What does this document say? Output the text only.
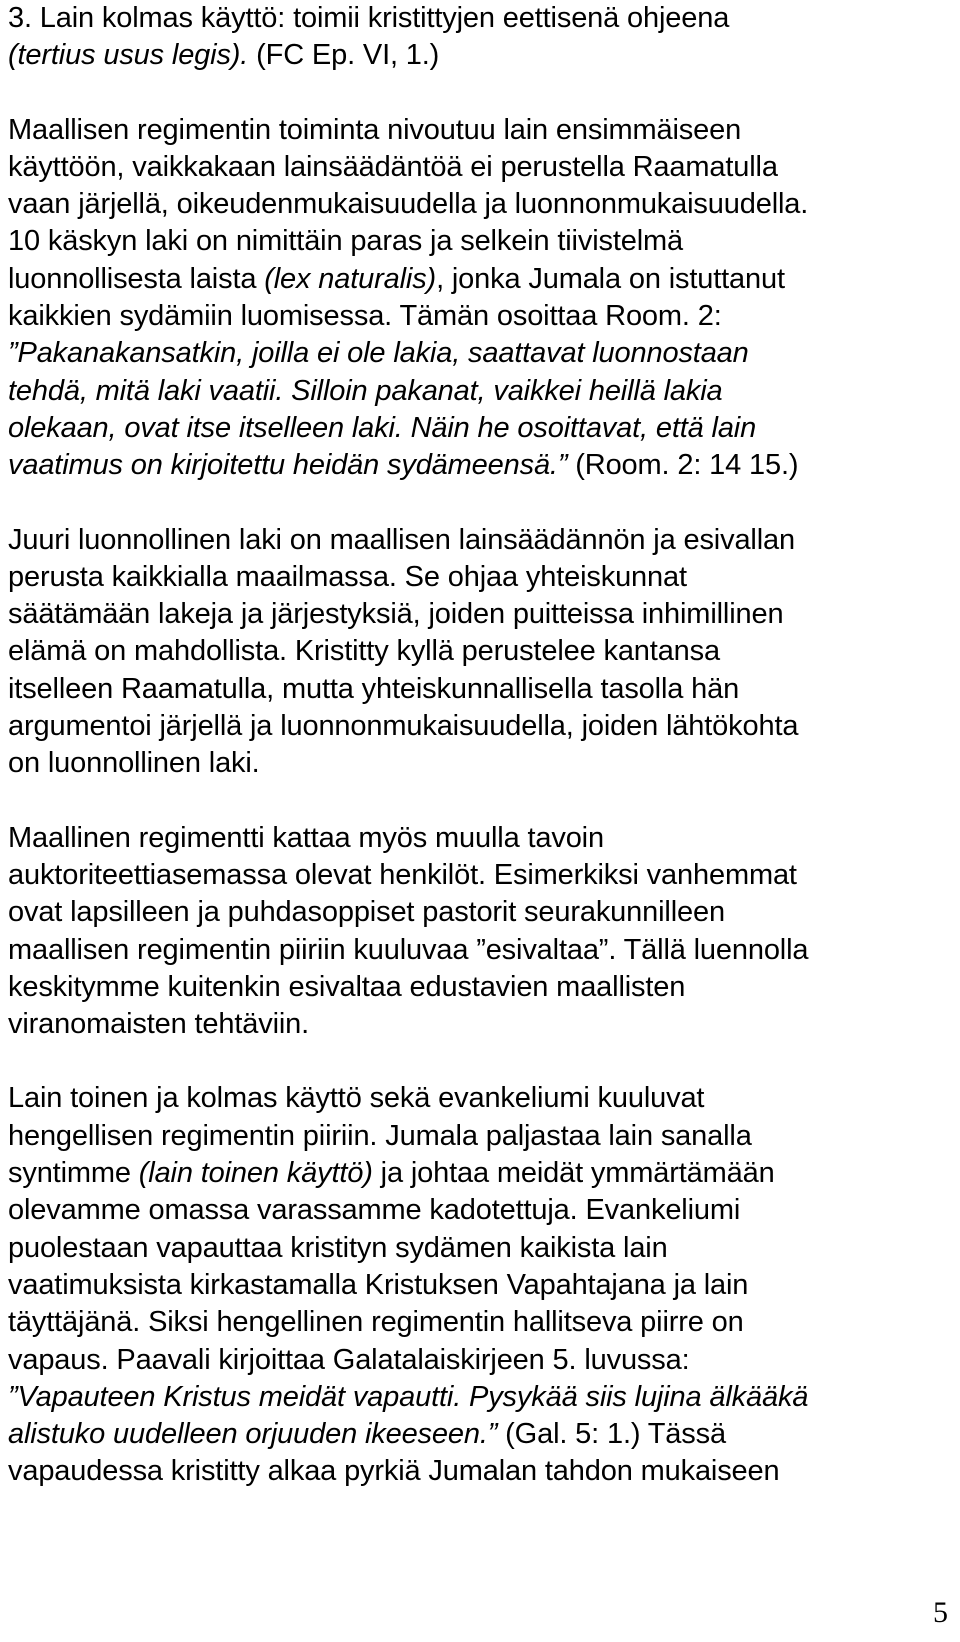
3. Lain kolmas käyttö: toimii kristittyjen eettisenä ohjeena
(tertius usus legis). (FC Ep. VI, 1.)
Maallisen regimentin toiminta nivoutuu lain ensimmäiseen
käyttöön, vaikkakaan lainsäädäntöä ei perustella Raamatulla
vaan järjellä, oikeudenmukaisuudella ja luonnonmukaisuudella.
10 käskyn laki on nimittäin paras ja selkein tiivistelmä
luonnollisesta laista (lex naturalis), jonka Jumala on istuttanut
kaikkien sydämiin luomisessa. Tämän osoittaa Room. 2:
”Pakanakansatkin, joilla ei ole lakia, saattavat luonnostaan
tehdä, mitä laki vaatii. Silloin pakanat, vaikkei heillä lakia
olekaan, ovat itse itselleen laki. Näin he osoittavat, että lain
vaatimus on kirjoitettu heidän sydämeensä.” (Room. 2: 14 15.)
Juuri luonnollinen laki on maallisen lainsäädännön ja esivallan
perusta kaikkialla maailmassa. Se ohjaa yhteiskunnat
säätämään lakeja ja järjestyksiä, joiden puitteissa inhimillinen
elämä on mahdollista. Kristitty kyllä perustelee kantansa
itselleen Raamatulla, mutta yhteiskunnallisella tasolla hän
argumentoi järjellä ja luonnonmukaisuudella, joiden lähtökohta
on luonnollinen laki.
Maallinen regimentti kattaa myös muulla tavoin
auktoriteettiasemassa olevat henkilöt. Esimerkiksi vanhemmat
ovat lapsilleen ja puhdasoppiset pastorit seurakunnilleen
maallisen regimentin piiriin kuuluvaa ”esivaltaa”. Tällä luennolla
keskitymme kuitenkin esivaltaa edustavien maallisten
viranomaisten tehtäviin.
Lain toinen ja kolmas käyttö sekä evankeliumi kuuluvat
hengellisen regimentin piiriin. Jumala paljastaa lain sanalla
syntimme (lain toinen käyttö) ja johtaa meidät ymmärtämään
olevamme omassa varassamme kadotettuja. Evankeliumi
puolestaan vapauttaa kristityn sydämen kaikista lain
vaatimuksista kirkastamalla Kristuksen Vapahtajana ja lain
täyttäjänä. Siksi hengellinen regimentin hallitseva piirre on
vapaus. Paavali kirjoittaa Galatalaiskirjeen 5. luvussa:
”Vapauteen Kristus meidät vapautti. Pysykää siis lujina älkääkä
alistuko uudelleen orjuuden ikeeseen.” (Gal. 5: 1.) Tässä
vapaudessa kristitty alkaa pyrkiä Jumalan tahdon mukaiseen
5
